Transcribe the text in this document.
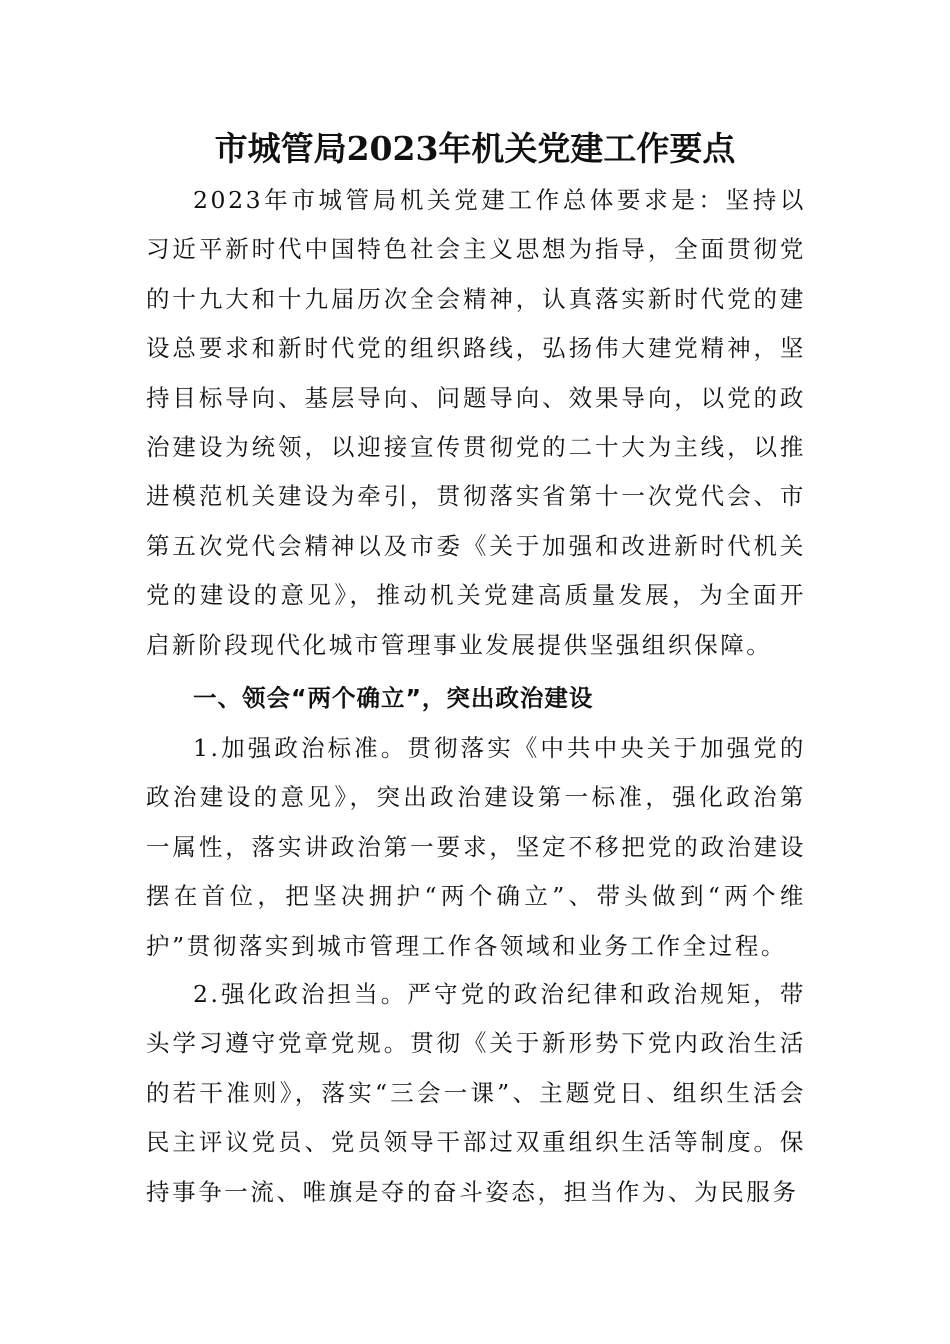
市城管局2023年机关党建工作要点

2023年市城管局机关党建工作总体要求是：坚持以习近平新时代中国特色社会主义思想为指导，全面贯彻党的十九大和十九届历次全会精神，认真落实新时代党的建设总要求和新时代党的组织路线，弘扬伟大建党精神，坚持目标导向、基层导向、问题导向、效果导向，以党的政治建设为统领，以迎接宣传贯彻党的二十大为主线，以推进模范机关建设为牵引，贯彻落实省第十一次党代会、市第五次党代会精神以及市委《关于加强和改进新时代机关党的建设的意见》，推动机关党建高质量发展，为全面开启新阶段现代化城市管理事业发展提供坚强组织保障。

一、领会“两个确立”，突出政治建设

1.加强政治标准。贯彻落实《中共中央关于加强党的政治建设的意见》，突出政治建设第一标准，强化政治第一属性，落实讲政治第一要求，坚定不移把党的政治建设摆在首位，把坚决拥护“两个确立”、带头做到“两个维护”贯彻落实到城市管理工作各领域和业务工作全过程。

2.强化政治担当。严守党的政治纪律和政治规矩，带头学习遵守党章党规。贯彻《关于新形势下党内政治生活的若干准则》，落实“三会一课”、主题党日、组织生活会民主评议党员、党员领导干部过双重组织生活等制度。保持事争一流、唯旗是夺的奋斗姿态，担当作为、为民服务
